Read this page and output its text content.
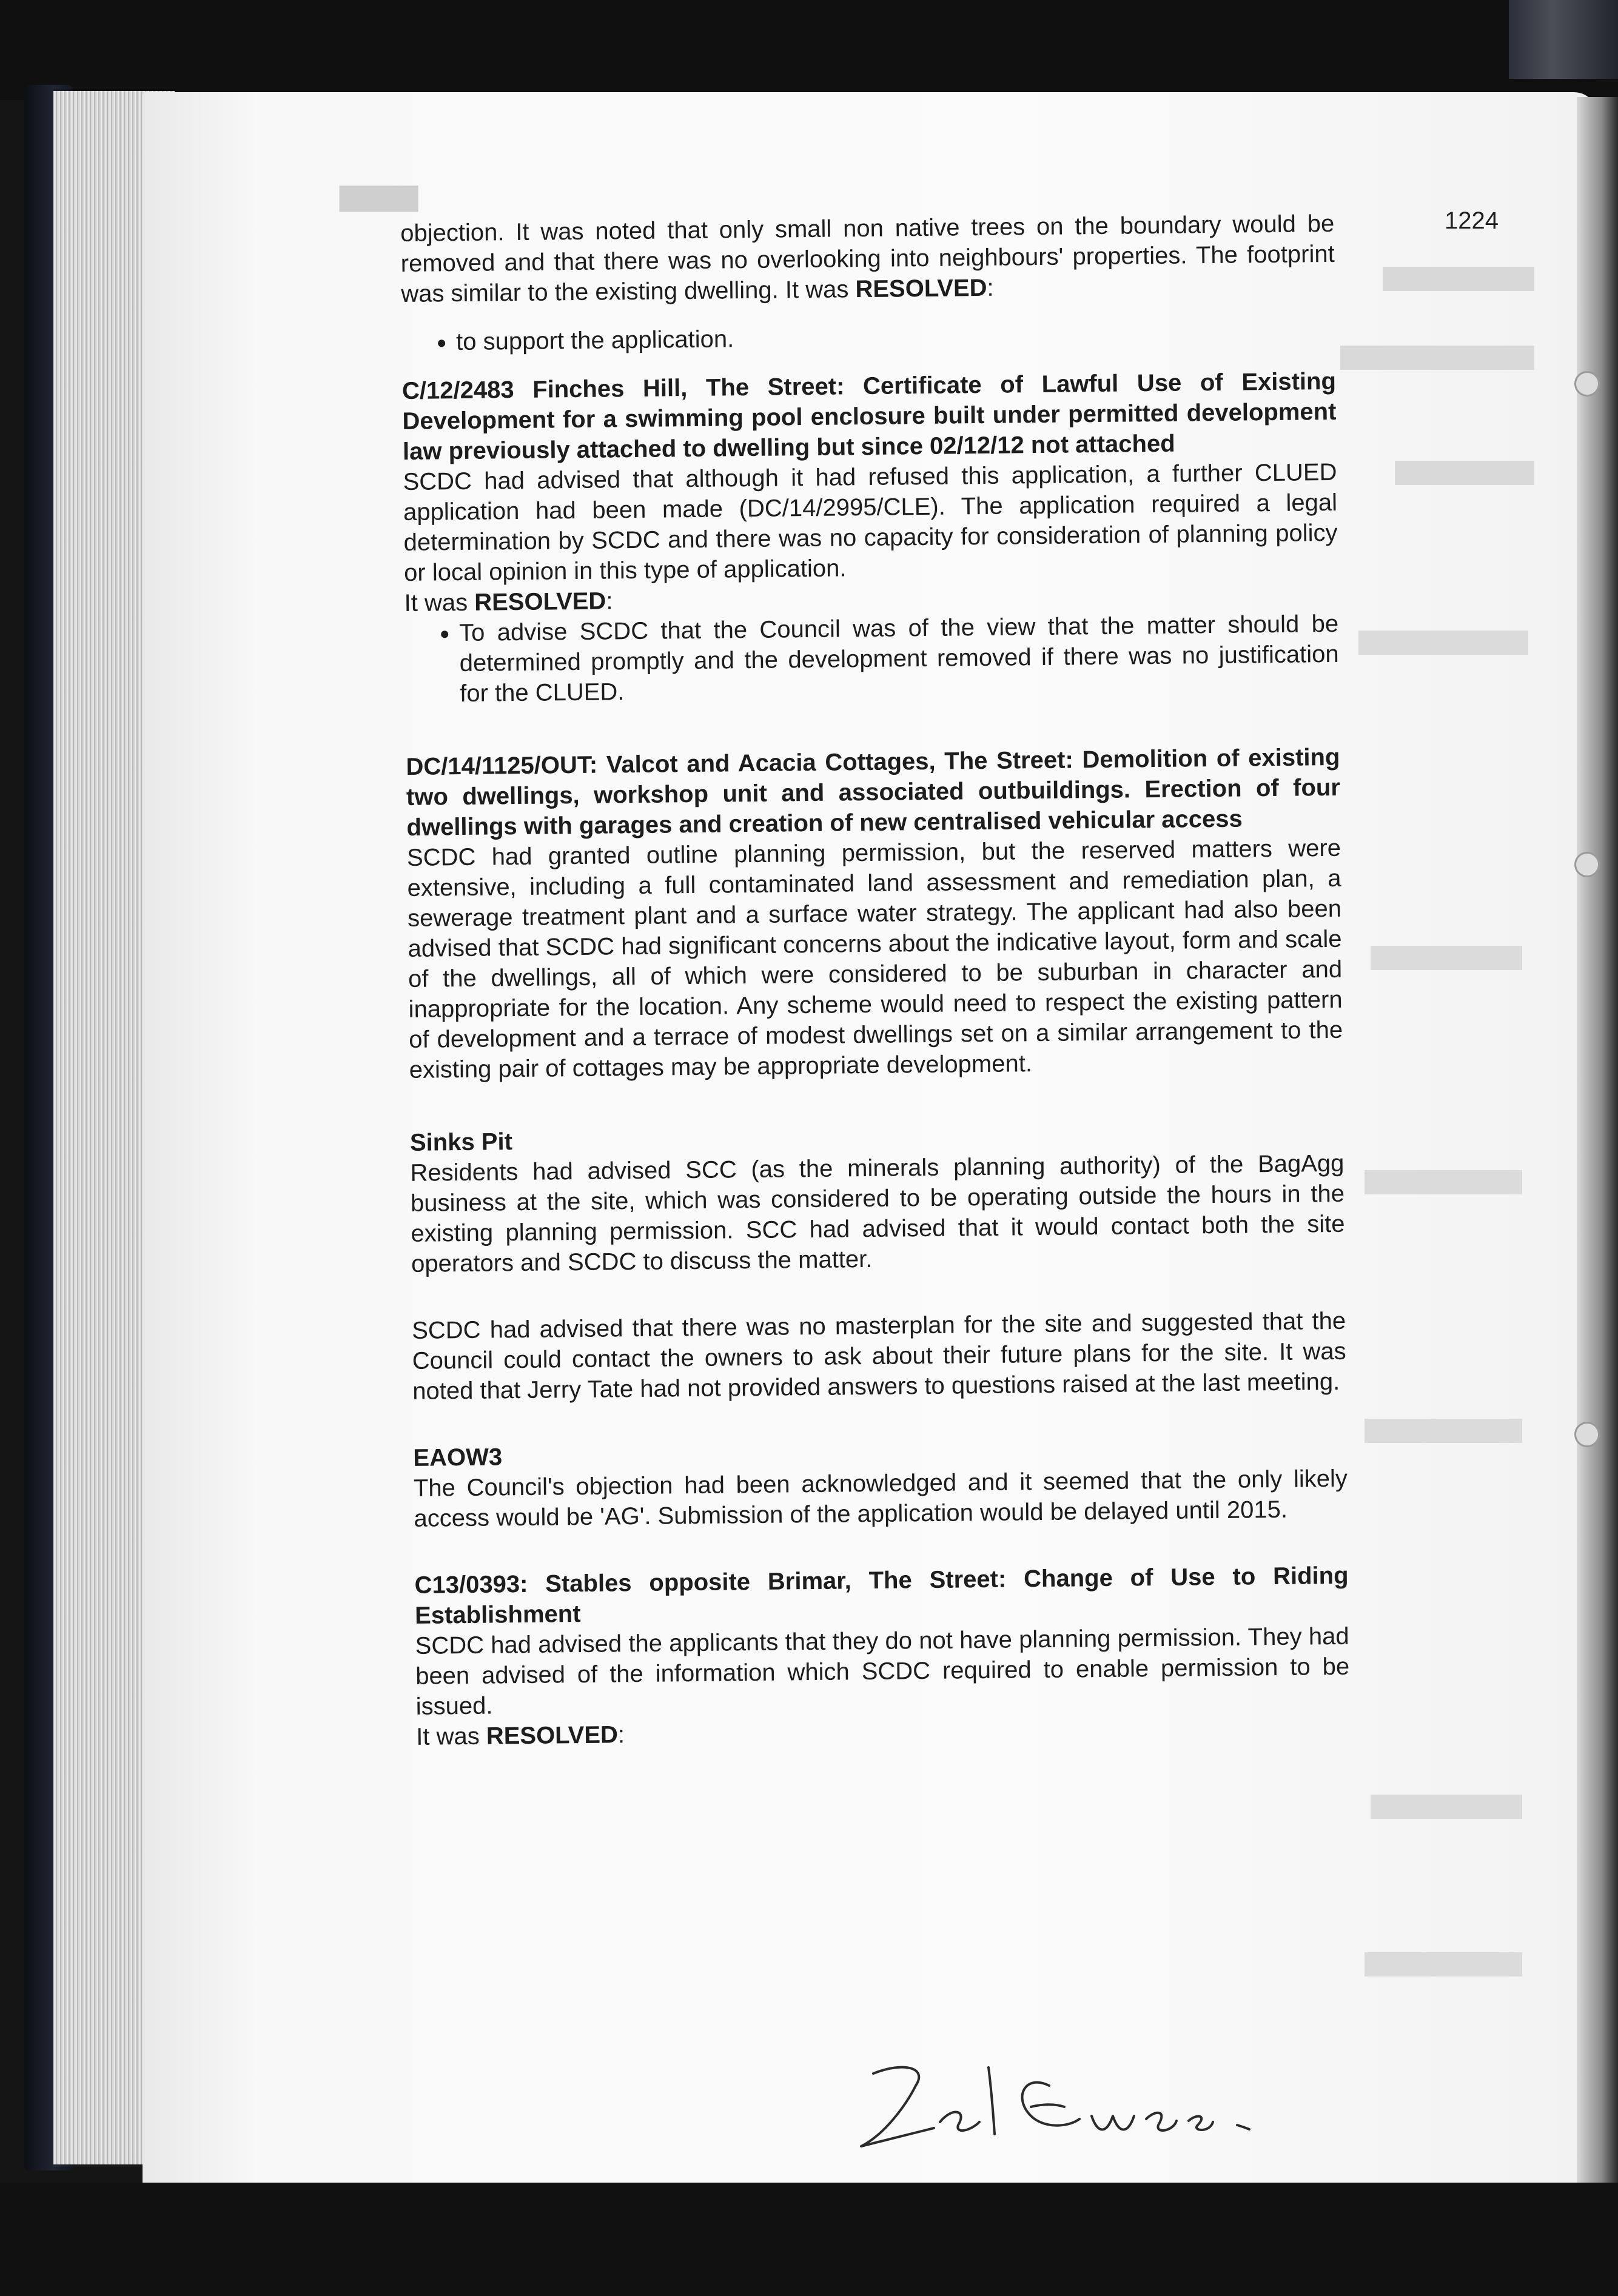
▇▇▇▇
1224

objection. It was noted that only small non native trees on the boundary would be removed and that there was no overlooking into neighbours' properties. The footprint was similar to the existing dwelling. It was RESOLVED:

• to support the application.

C/12/2483 Finches Hill, The Street: Certificate of Lawful Use of Existing Development for a swimming pool enclosure built under permitted development law previously attached to dwelling but since 02/12/12 not attached

SCDC had advised that although it had refused this application, a further CLUED application had been made (DC/14/2995/CLE). The application required a legal determination by SCDC and there was no capacity for consideration of planning policy or local opinion in this type of application.

It was RESOLVED:

• To advise SCDC that the Council was of the view that the matter should be determined promptly and the development removed if there was no justification for the CLUED.

DC/14/1125/OUT: Valcot and Acacia Cottages, The Street: Demolition of existing two dwellings, workshop unit and associated outbuildings. Erection of four dwellings with garages and creation of new centralised vehicular access

SCDC had granted outline planning permission, but the reserved matters were extensive, including a full contaminated land assessment and remediation plan, a sewerage treatment plant and a surface water strategy. The applicant had also been advised that SCDC had significant concerns about the indicative layout, form and scale of the dwellings, all of which were considered to be suburban in character and inappropriate for the location. Any scheme would need to respect the existing pattern of development and a terrace of modest dwellings set on a similar arrangement to the existing pair of cottages may be appropriate development.

Sinks Pit

Residents had advised SCC (as the minerals planning authority) of the BagAgg business at the site, which was considered to be operating outside the hours in the existing planning permission. SCC had advised that it would contact both the site operators and SCDC to discuss the matter.

SCDC had advised that there was no masterplan for the site and suggested that the Council could contact the owners to ask about their future plans for the site. It was noted that Jerry Tate had not provided answers to questions raised at the last meeting.

EAOW3

The Council's objection had been acknowledged and it seemed that the only likely access would be 'AG'. Submission of the application would be delayed until 2015.

C13/0393: Stables opposite Brimar, The Street: Change of Use to Riding Establishment

SCDC had advised the applicants that they do not have planning permission. They had been advised of the information which SCDC required to enable permission to be issued.

It was RESOLVED:
